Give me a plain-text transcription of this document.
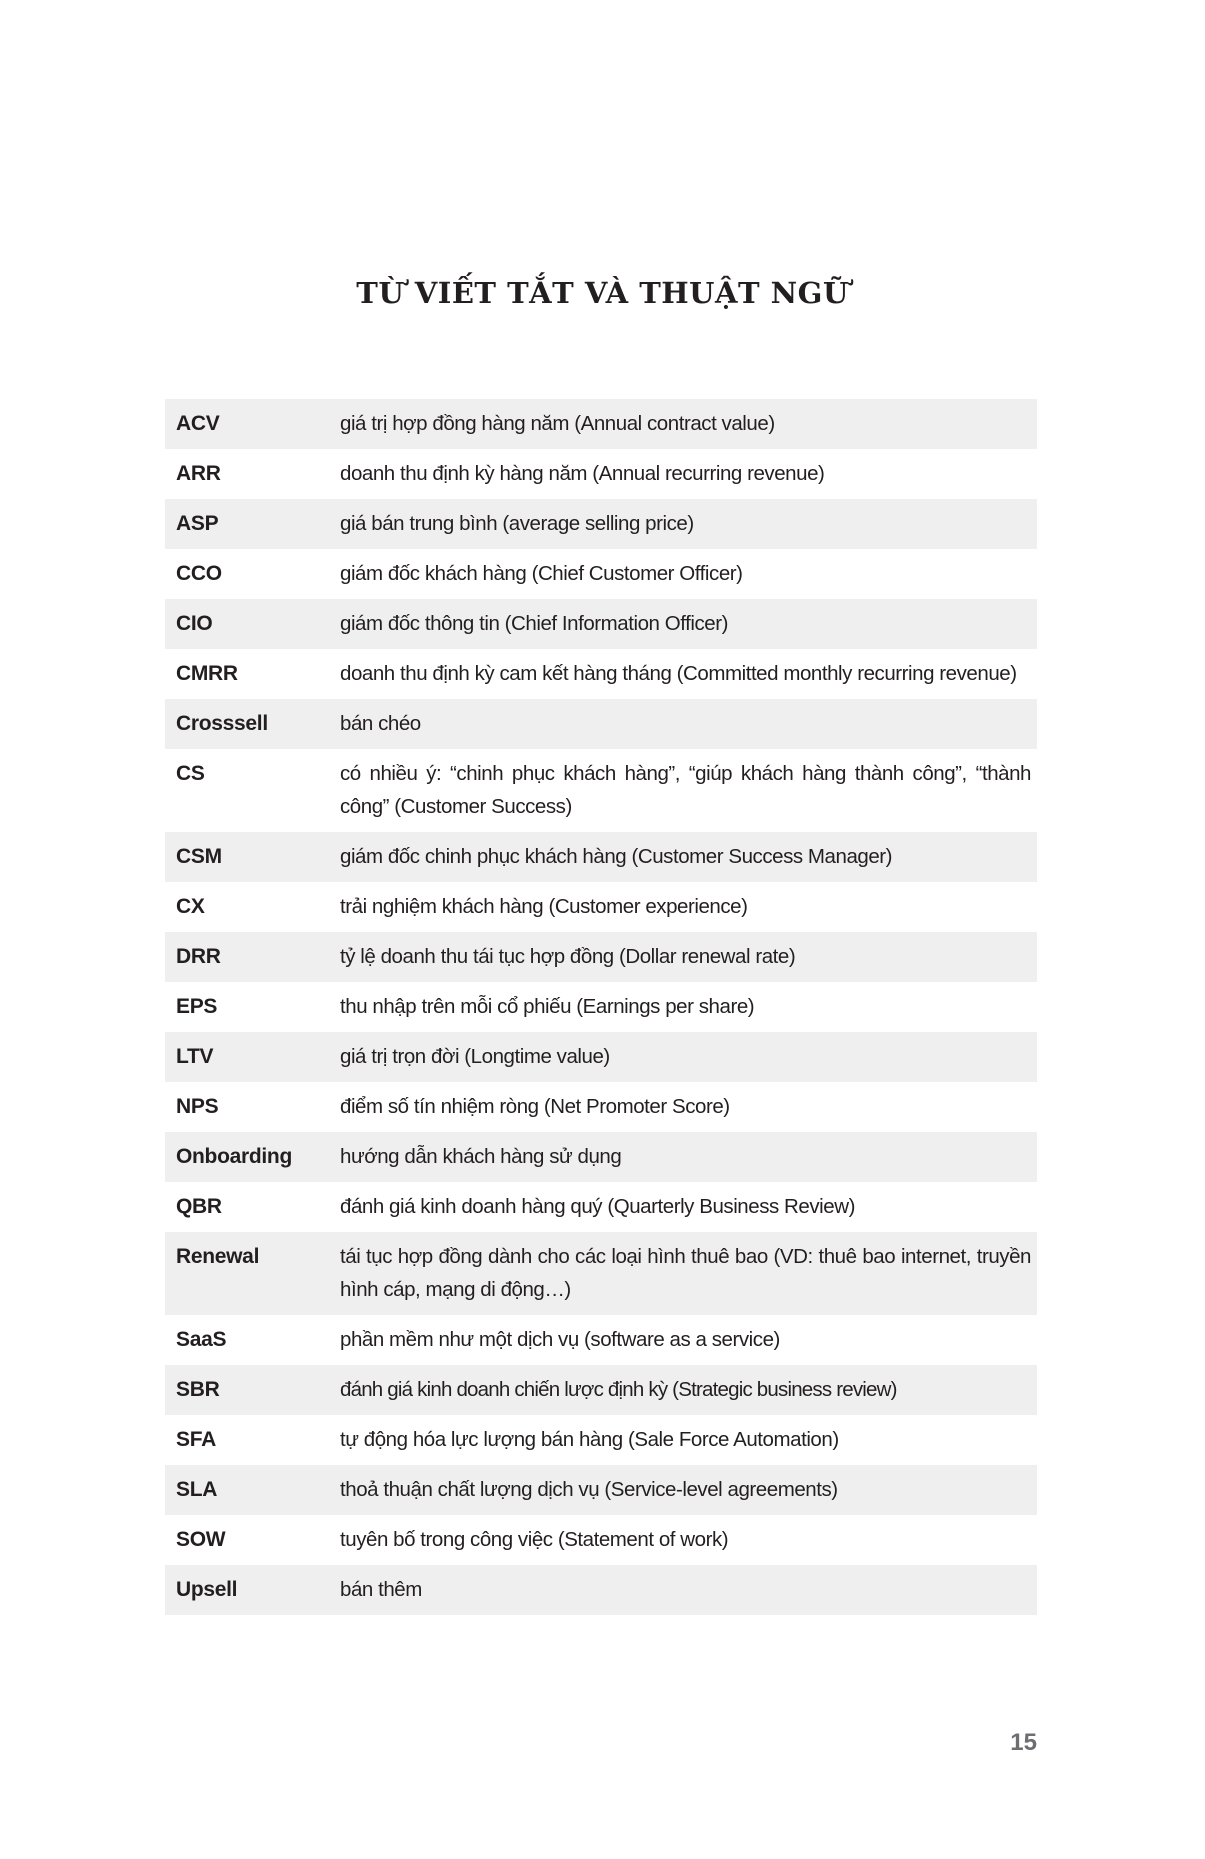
TỪ VIẾT TẮT VÀ THUẬT NGỮ
ACV	giá trị hợp đồng hàng năm (Annual contract value)
ARR	doanh thu định kỳ hàng năm (Annual recurring revenue)
ASP	giá bán trung bình (average selling price)
CCO	giám đốc khách hàng (Chief Customer Officer)
CIO	giám đốc thông tin (Chief Information Officer)
CMRR	doanh thu định kỳ cam kết hàng tháng (Committed monthly recurring revenue)
Crosssell	bán chéo
CS	có nhiều ý: “chinh phục khách hàng”, “giúp khách hàng thành công”, “thành công” (Customer Success)
CSM	giám đốc chinh phục khách hàng (Customer Success Manager)
CX	trải nghiệm khách hàng (Customer experience)
DRR	tỷ lệ doanh thu tái tục hợp đồng (Dollar renewal rate)
EPS	thu nhập trên mỗi cổ phiếu (Earnings per share)
LTV	giá trị trọn đời (Longtime value)
NPS	điểm số tín nhiệm ròng (Net Promoter Score)
Onboarding	hướng dẫn khách hàng sử dụng
QBR	đánh giá kinh doanh hàng quý (Quarterly Business Review)
Renewal	tái tục hợp đồng dành cho các loại hình thuê bao (VD: thuê bao internet, truyền  hình cáp, mạng di động…)
SaaS	phần mềm như một dịch vụ (software as a service)
SBR	đánh giá kinh doanh chiến lược định kỳ (Strategic business review)
SFA	tự động hóa lực lượng bán hàng (Sale Force Automation)
SLA	thoả thuận chất lượng dịch vụ (Service-level agreements)
SOW	tuyên bố trong công việc (Statement of work)
Upsell	bán thêm
15
